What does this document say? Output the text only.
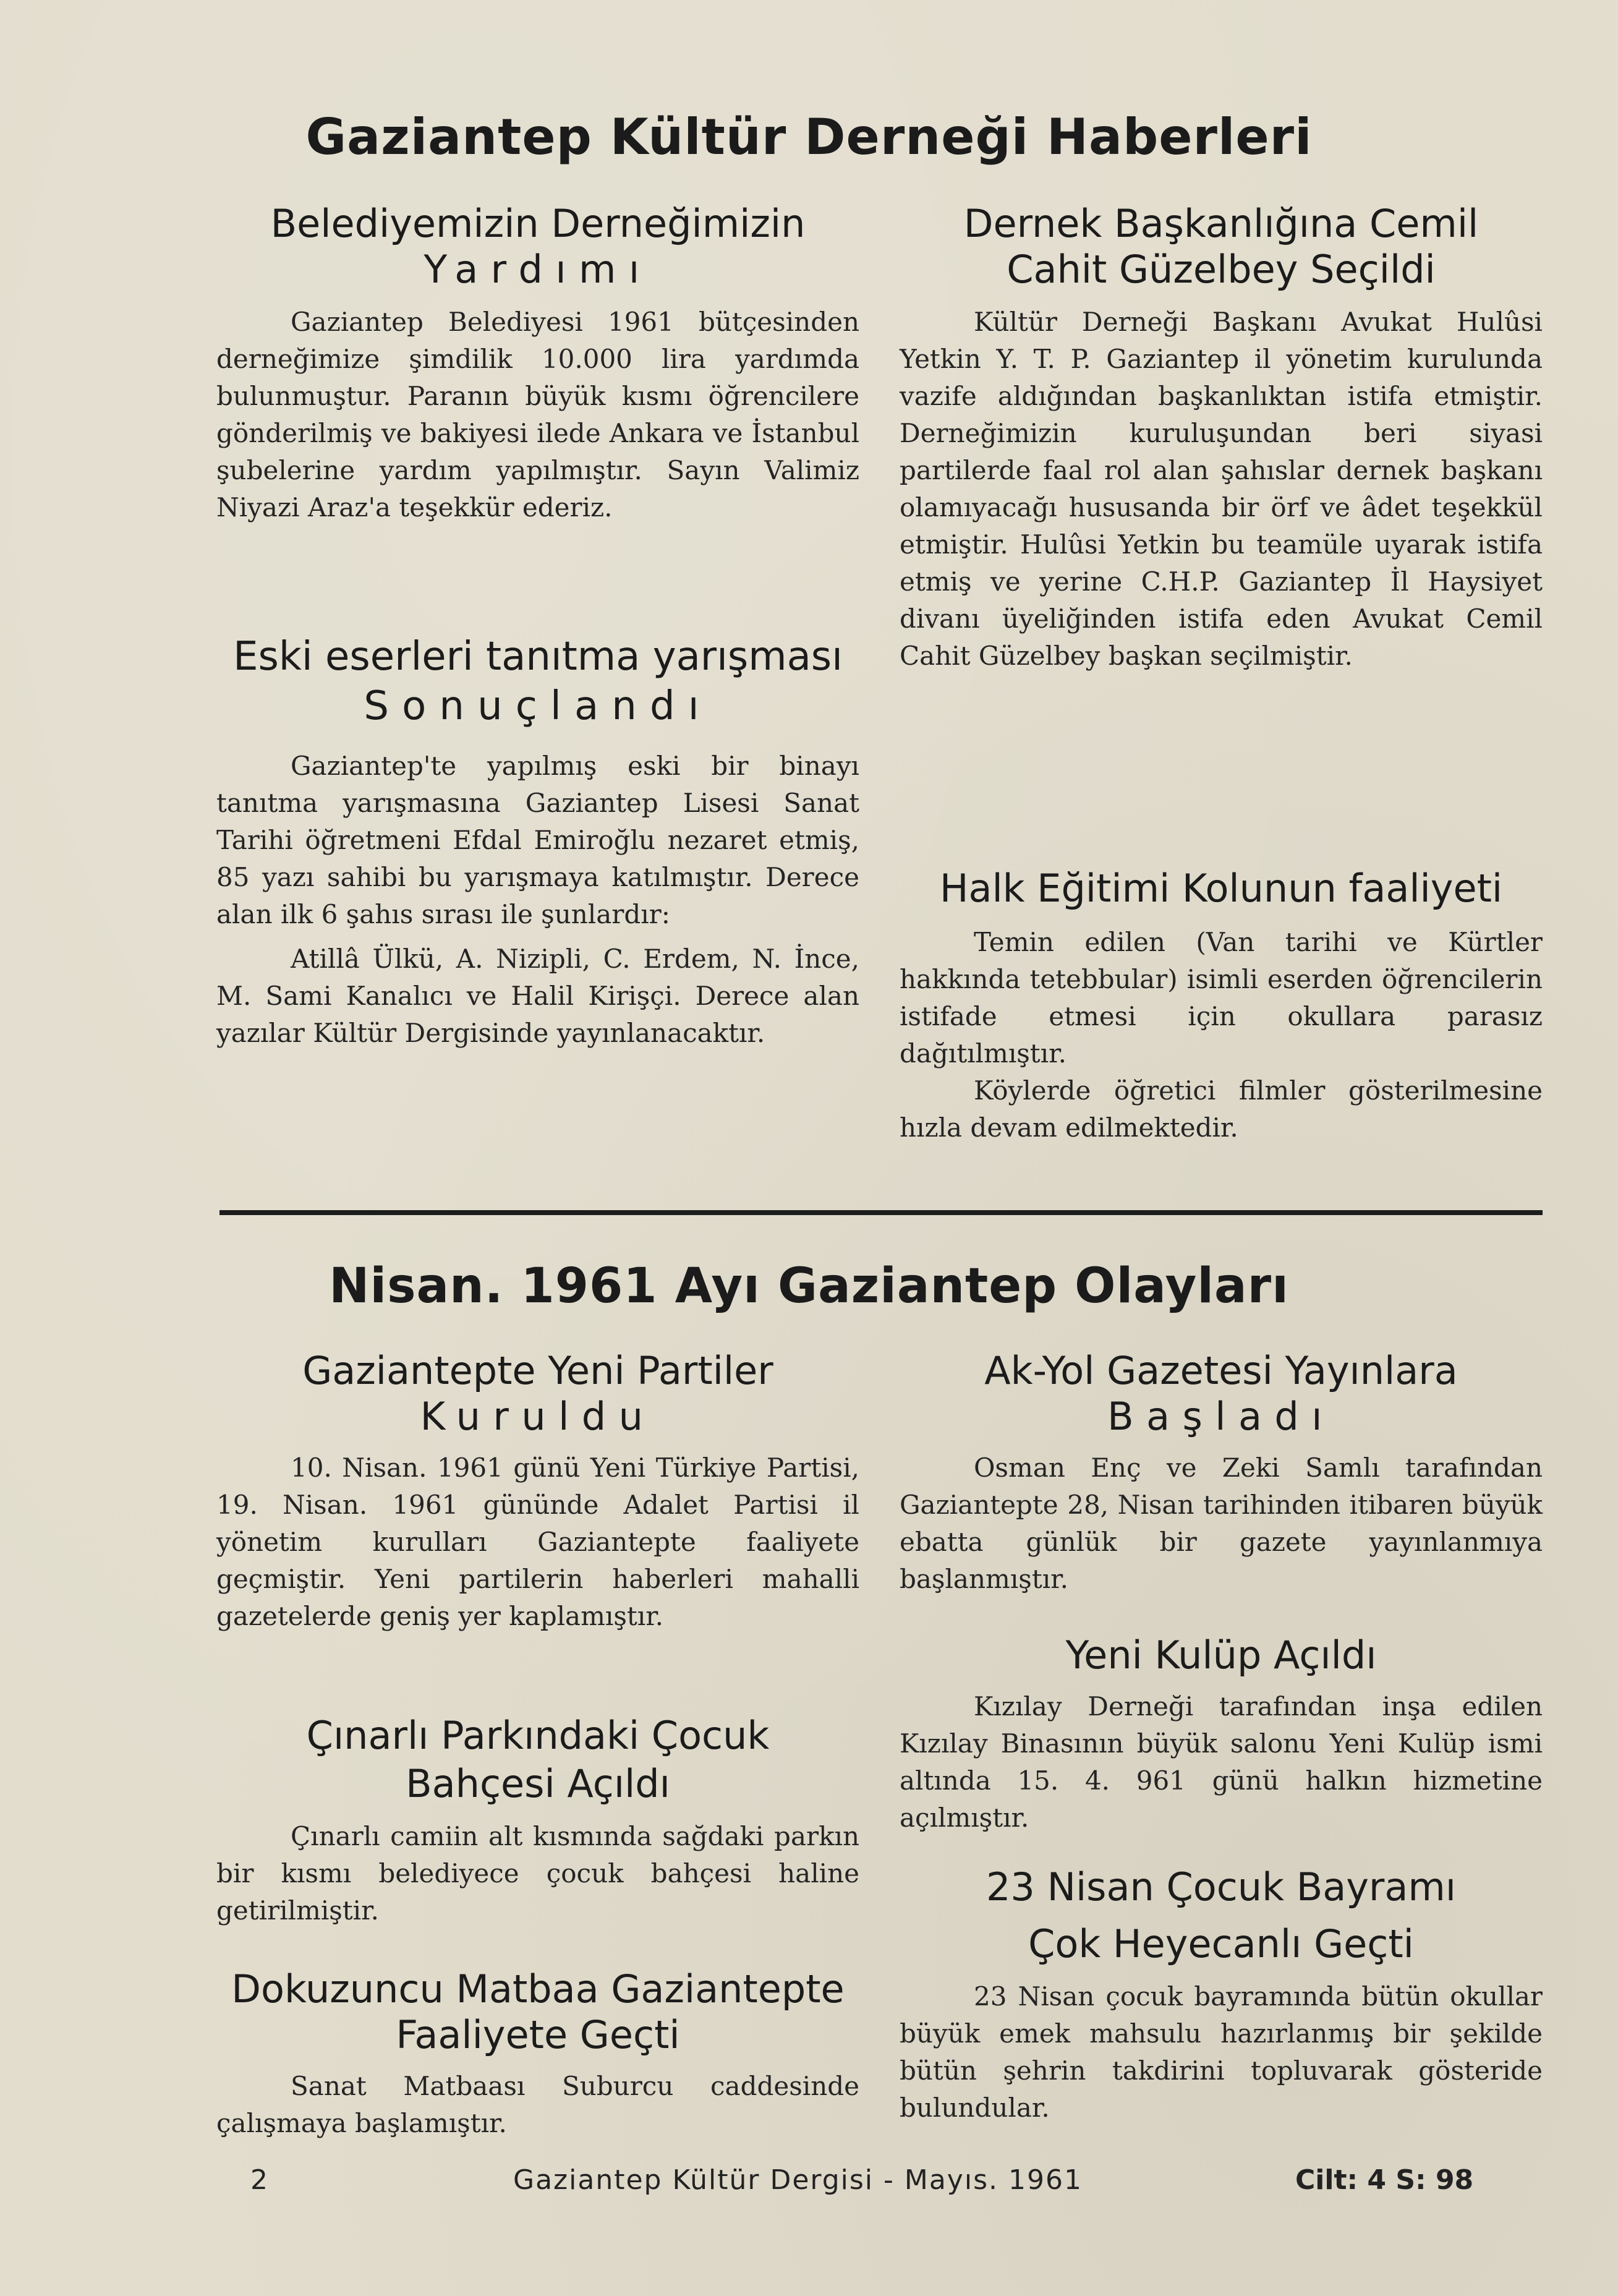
Gaziantep Kültür Derneği Haberleri
Belediyemizin Derneğimizin
Yardımı

Gaziantep Belediyesi 1961 bütçesinden derneğimize şimdilik 10.000 lira yardımda bulunmuştur. Paranın büyük kısmı öğrencilere gönderilmiş ve bakiyesi ilede Ankara ve İstanbul şubelerine yardım yapılmıştır. Sayın Valimiz Niyazi Araz'a teşekkür ederiz.

Eski eserleri tanıtma yarışması
Sonuçlandı

Gaziantep'te yapılmış eski bir binayı tanıtma yarışmasına Gaziantep Lisesi Sanat Tarihi öğretmeni Efdal Emiroğlu nezaret etmiş, 85 yazı sahibi bu yarışmaya katılmıştır. Derece alan ilk 6 şahıs sırası ile şunlardır:

Atillâ Ülkü, A. Nizipli, C. Erdem, N. İnce, M. Sami Kanalıcı ve Halil Kirişçi. Derece alan yazılar Kültür Dergisinde yayınlanacaktır.

Dernek Başkanlığına Cemil
Cahit Güzelbey Seçildi

Kültür Derneği Başkanı Avukat Hulûsi Yetkin Y. T. P. Gaziantep il yönetim kurulunda vazife aldığından başkanlıktan istifa etmiştir. Derneğimizin kuruluşundan beri siyasi partilerde faal rol alan şahıslar dernek başkanı olamıyacağı hususanda bir örf ve âdet teşekkül etmiştir. Hulûsi Yetkin bu teamüle uyarak istifa etmiş ve yerine C.H.P. Gaziantep İl Haysiyet divanı üyeliğinden istifa eden Avukat Cemil Cahit Güzelbey başkan seçilmiştir.

Halk Eğitimi Kolunun faaliyeti

Temin edilen (Van tarihi ve Kürtler hakkında tetebbular) isimli eserden öğrencilerin istifade etmesi için okullara parasız dağıtılmıştır.

Köylerde öğretici filmler gösterilmesine hızla devam edilmektedir.

Nisan. 1961 Ayı Gaziantep Olayları
Gaziantepte Yeni Partiler
Kuruldu

10. Nisan. 1961 günü Yeni Türkiye Partisi, 19. Nisan. 1961 gününde Adalet Partisi il yönetim kurulları Gaziantepte faaliyete geçmiştir. Yeni partilerin haberleri mahalli gazetelerde geniş yer kaplamıştır.

Çınarlı Parkındaki Çocuk
Bahçesi Açıldı

Çınarlı camiin alt kısmında sağdaki parkın bir kısmı belediyece çocuk bahçesi haline getirilmiştir.

Dokuzuncu Matbaa Gaziantepte
Faaliyete Geçti

Sanat Matbaası Suburcu caddesinde çalışmaya başlamıştır.

Ak-Yol Gazetesi Yayınlara
Başladı

Osman Enç ve Zeki Samlı tarafından Gaziantepte 28, Nisan tarihinden itibaren büyük ebatta günlük bir gazete yayınlanmıya başlanmıştır.

Yeni Kulüp Açıldı

Kızılay Derneği tarafından inşa edilen Kızılay Binasının büyük salonu Yeni Kulüp ismi altında 15. 4. 961 günü halkın hizmetine açılmıştır.

23 Nisan Çocuk Bayramı
Çok Heyecanlı Geçti

23 Nisan çocuk bayramında bütün okullar büyük emek mahsulu hazırlanmış bir şekilde bütün şehrin takdirini topluvarak gösteride bulundular.

2	Gaziantep Kültür Dergisi - Mayıs. 1961	Cilt: 4 S: 98
